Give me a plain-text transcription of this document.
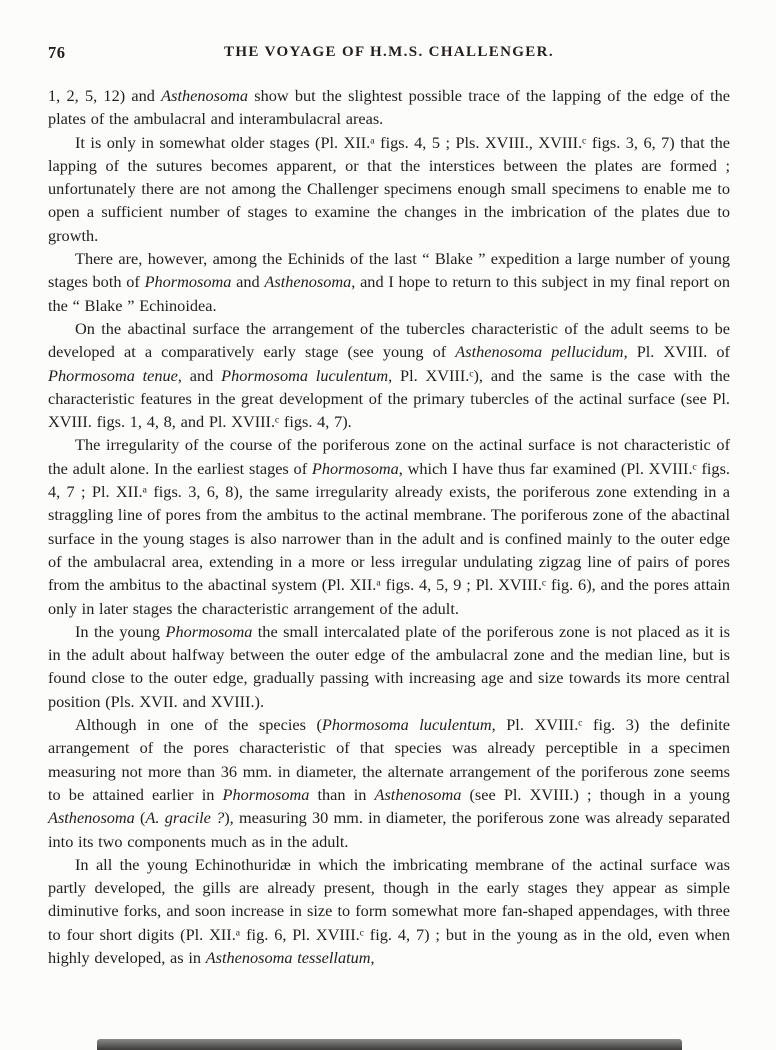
76	THE VOYAGE OF H.M.S. CHALLENGER.

1, 2, 5, 12) and Asthenosoma show but the slightest possible trace of the lapping of the edge of the plates of the ambulacral and interambulacral areas.

It is only in somewhat older stages (Pl. XII.ᵃ figs. 4, 5 ; Pls. XVIII., XVIII.ᶜ figs. 3, 6, 7) that the lapping of the sutures becomes apparent, or that the interstices between the plates are formed ; unfortunately there are not among the Challenger specimens enough small specimens to enable me to open a sufficient number of stages to examine the changes in the imbrication of the plates due to growth.

There are, however, among the Echinids of the last “ Blake ” expedition a large number of young stages both of Phormosoma and Asthenosoma, and I hope to return to this subject in my final report on the “ Blake ” Echinoidea.

On the abactinal surface the arrangement of the tubercles characteristic of the adult seems to be developed at a comparatively early stage (see young of Asthenosoma pellucidum, Pl. XVIII. of Phormosoma tenue, and Phormosoma luculentum, Pl. XVIII.ᶜ), and the same is the case with the characteristic features in the great development of the primary tubercles of the actinal surface (see Pl. XVIII. figs. 1, 4, 8, and Pl. XVIII.ᶜ figs. 4, 7).

The irregularity of the course of the poriferous zone on the actinal surface is not characteristic of the adult alone. In the earliest stages of Phormosoma, which I have thus far examined (Pl. XVIII.ᶜ figs. 4, 7 ; Pl. XII.ᵃ figs. 3, 6, 8), the same irregularity already exists, the poriferous zone extending in a straggling line of pores from the ambitus to the actinal membrane. The poriferous zone of the abactinal surface in the young stages is also narrower than in the adult and is confined mainly to the outer edge of the ambulacral area, extending in a more or less irregular undulating zigzag line of pairs of pores from the ambitus to the abactinal system (Pl. XII.ᵃ figs. 4, 5, 9 ; Pl. XVIII.ᶜ fig. 6), and the pores attain only in later stages the characteristic arrangement of the adult.

In the young Phormosoma the small intercalated plate of the poriferous zone is not placed as it is in the adult about halfway between the outer edge of the ambulacral zone and the median line, but is found close to the outer edge, gradually passing with increasing age and size towards its more central position (Pls. XVII. and XVIII.).

Although in one of the species (Phormosoma luculentum, Pl. XVIII.ᶜ fig. 3) the definite arrangement of the pores characteristic of that species was already perceptible in a specimen measuring not more than 36 mm. in diameter, the alternate arrangement of the poriferous zone seems to be attained earlier in Phormosoma than in Asthenosoma (see Pl. XVIII.) ; though in a young Asthenosoma (A. gracile ?), measuring 30 mm. in diameter, the poriferous zone was already separated into its two components much as in the adult.

In all the young Echinothuridæ in which the imbricating membrane of the actinal surface was partly developed, the gills are already present, though in the early stages they appear as simple diminutive forks, and soon increase in size to form somewhat more fan-shaped appendages, with three to four short digits (Pl. XII.ᵃ fig. 6, Pl. XVIII.ᶜ fig. 4, 7) ; but in the young as in the old, even when highly developed, as in Asthenosoma tessellatum,
